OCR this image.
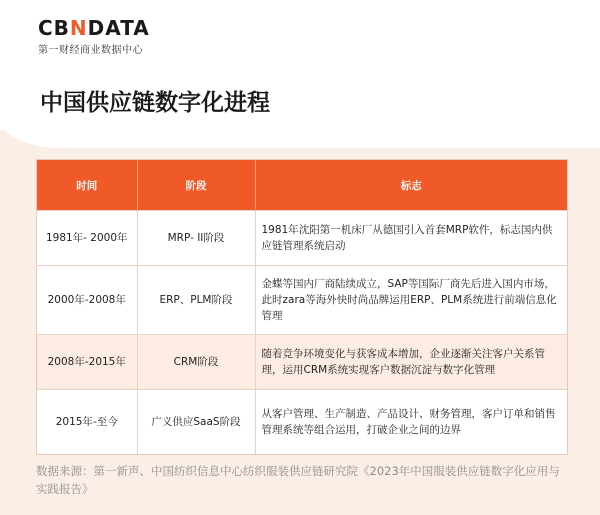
CBNDATA
第一财经商业数据中心
中国供应链数字化进程
时间	阶段	标志
1981年- 2000年	MRP- II阶段	1981年沈阳第一机床厂从德国引入首套MRP软件，标志国内供应链管理系统启动
2000年-2008年	ERP、PLM阶段	金蝶等国内厂商陆续成立，SAP等国际厂商先后进入国内市场，此时zara等海外快时尚品牌运用ERP、PLM系统进行前端信息化管理
2008年-2015年	CRM阶段	随着竞争环境变化与获客成本增加，企业逐渐关注客户关系管理，运用CRM系统实现客户数据沉淀与数字化管理
2015年-至今	广义供应SaaS阶段	从客户管理、生产制造、产品设计、财务管理，客户订单和销售管理系统等组合运用，打破企业之间的边界
数据来源：第一新声、中国纺织信息中心纺织服装供应链研究院《2023年中国服装供应链数字化应用与实践报告》
